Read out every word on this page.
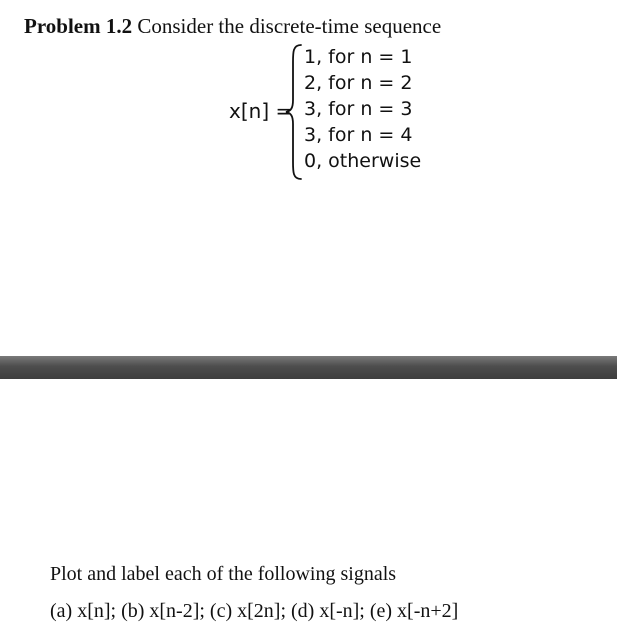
Problem 1.2 Consider the discrete-time sequence
x[n] =
1, for n = 1
2, for n = 2
3, for n = 3
3, for n = 4
0, otherwise
Plot and label each of the following signals
(a) x[n]; (b) x[n-2]; (c) x[2n]; (d) x[-n]; (e) x[-n+2]
